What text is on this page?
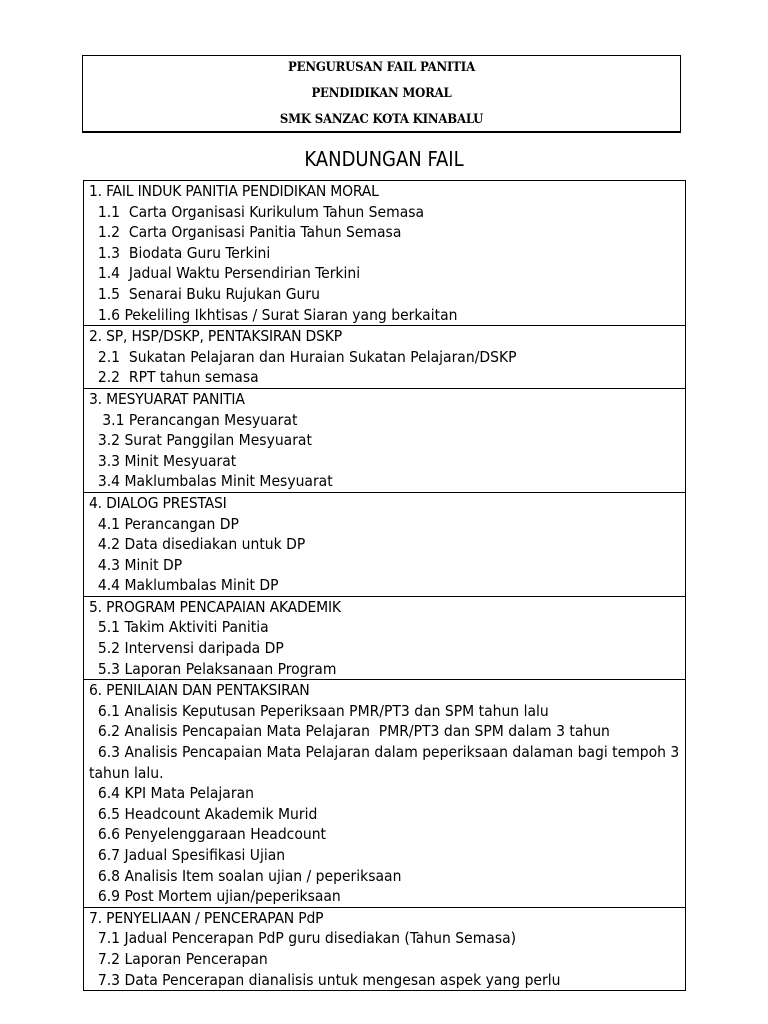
PENGURUSAN FAIL PANITIA
PENDIDIKAN MORAL
SMK SANZAC KOTA KINABALU
KANDUNGAN FAIL
1. FAIL INDUK PANITIA PENDIDIKAN MORAL
1.1  Carta Organisasi Kurikulum Tahun Semasa
1.2  Carta Organisasi Panitia Tahun Semasa
1.3  Biodata Guru Terkini
1.4  Jadual Waktu Persendirian Terkini
1.5  Senarai Buku Rujukan Guru
1.6 Pekeliling Ikhtisas / Surat Siaran yang berkaitan
2. SP, HSP/DSKP, PENTAKSIRAN DSKP
2.1  Sukatan Pelajaran dan Huraian Sukatan Pelajaran/DSKP
2.2  RPT tahun semasa
3. MESYUARAT PANITIA
3.1 Perancangan Mesyuarat
3.2 Surat Panggilan Mesyuarat
3.3 Minit Mesyuarat
3.4 Maklumbalas Minit Mesyuarat
4. DIALOG PRESTASI
4.1 Perancangan DP
4.2 Data disediakan untuk DP
4.3 Minit DP
4.4 Maklumbalas Minit DP
5. PROGRAM PENCAPAIAN AKADEMIK
5.1 Takim Aktiviti Panitia
5.2 Intervensi daripada DP
5.3 Laporan Pelaksanaan Program
6. PENILAIAN DAN PENTAKSIRAN
6.1 Analisis Keputusan Peperiksaan PMR/PT3 dan SPM tahun lalu
6.2 Analisis Pencapaian Mata Pelajaran  PMR/PT3 dan SPM dalam 3 tahun
6.3 Analisis Pencapaian Mata Pelajaran dalam peperiksaan dalaman bagi tempoh 3 tahun lalu.
6.4 KPI Mata Pelajaran
6.5 Headcount Akademik Murid
6.6 Penyelenggaraan Headcount
6.7 Jadual Spesifikasi Ujian
6.8 Analisis Item soalan ujian / peperiksaan
6.9 Post Mortem ujian/peperiksaan
7. PENYELIAAN / PENCERAPAN PdP
7.1 Jadual Pencerapan PdP guru disediakan (Tahun Semasa)
7.2 Laporan Pencerapan
7.3 Data Pencerapan dianalisis untuk mengesan aspek yang perlu
